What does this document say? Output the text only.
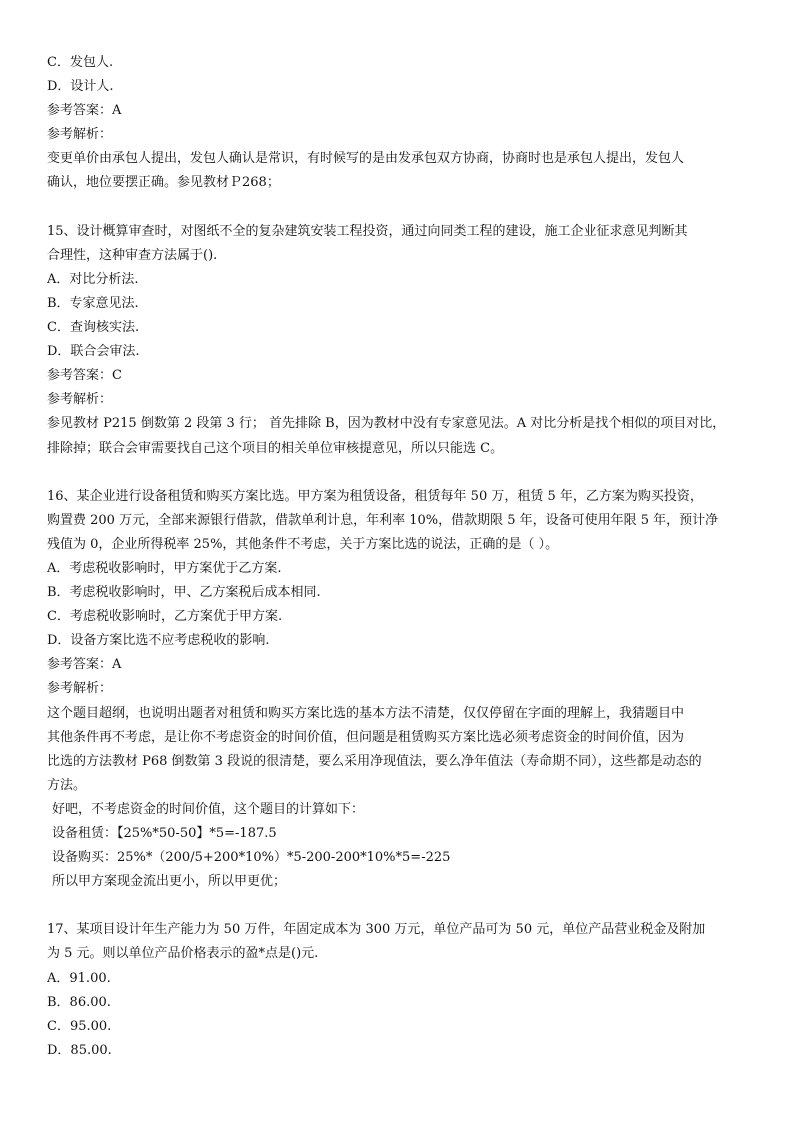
C．发包人.
D．设计人.
参考答案：A
参考解析：
变更单价由承包人提出，发包人确认是常识，有时候写的是由发承包双方协商，协商时也是承包人提出，发包人
确认，地位要摆正确。参见教材Ｐ268；
15、设计概算审查时，对图纸不全的复杂建筑安装工程投资，通过向同类工程的建设，施工企业征求意见判断其
合理性，这种审查方法属于().
A．对比分析法.
B．专家意见法.
C．查询核实法.
D．联合会审法.
参考答案：C
参考解析：
参见教材 P215 倒数第 2 段第 3 行； 首先排除 B，因为教材中没有专家意见法。A 对比分析是找个相似的项目对比，
排除掉；联合会审需要找自己这个项目的相关单位审核提意见，所以只能选 C。
16、某企业进行设备租赁和购买方案比选。甲方案为租赁设备，租赁每年 50 万，租赁 5 年，乙方案为购买投资，
购置费 200 万元，全部来源银行借款，借款单利计息，年利率 10%，借款期限 5 年，设备可使用年限 5 年，预计净
残值为 0，企业所得税率 25%，其他条件不考虑，关于方案比选的说法，正确的是（ ）。
A．考虑税收影响时，甲方案优于乙方案.
B．考虑税收影响时，甲、乙方案税后成本相同.
C．考虑税收影响时，乙方案优于甲方案.
D．设备方案比选不应考虑税收的影响.
参考答案：A
参考解析：
这个题目超纲，也说明出题者对租赁和购买方案比选的基本方法不清楚，仅仅停留在字面的理解上，我猜题目中
其他条件再不考虑，是让你不考虑资金的时间价值，但问题是租赁购买方案比选必须考虑资金的时间价值，因为
比选的方法教材 P68 倒数第 3 段说的很清楚，要么采用净现值法，要么净年值法（寿命期不同），这些都是动态的
方法。
好吧，不考虑资金的时间价值，这个题目的计算如下：
设备租赁：【25%*50-50】*5=-187.5
设备购买：25%*（200/5+200*10%）*5-200-200*10%*5=-225
所以甲方案现金流出更小，所以甲更优；
17、某项目设计年生产能力为 50 万件，年固定成本为 300 万元，单位产品可为 50 元，单位产品营业税金及附加
为 5 元。则以单位产品价格表示的盈*点是()元.
A．91.00.
B．86.00.
C．95.00.
D．85.00.
